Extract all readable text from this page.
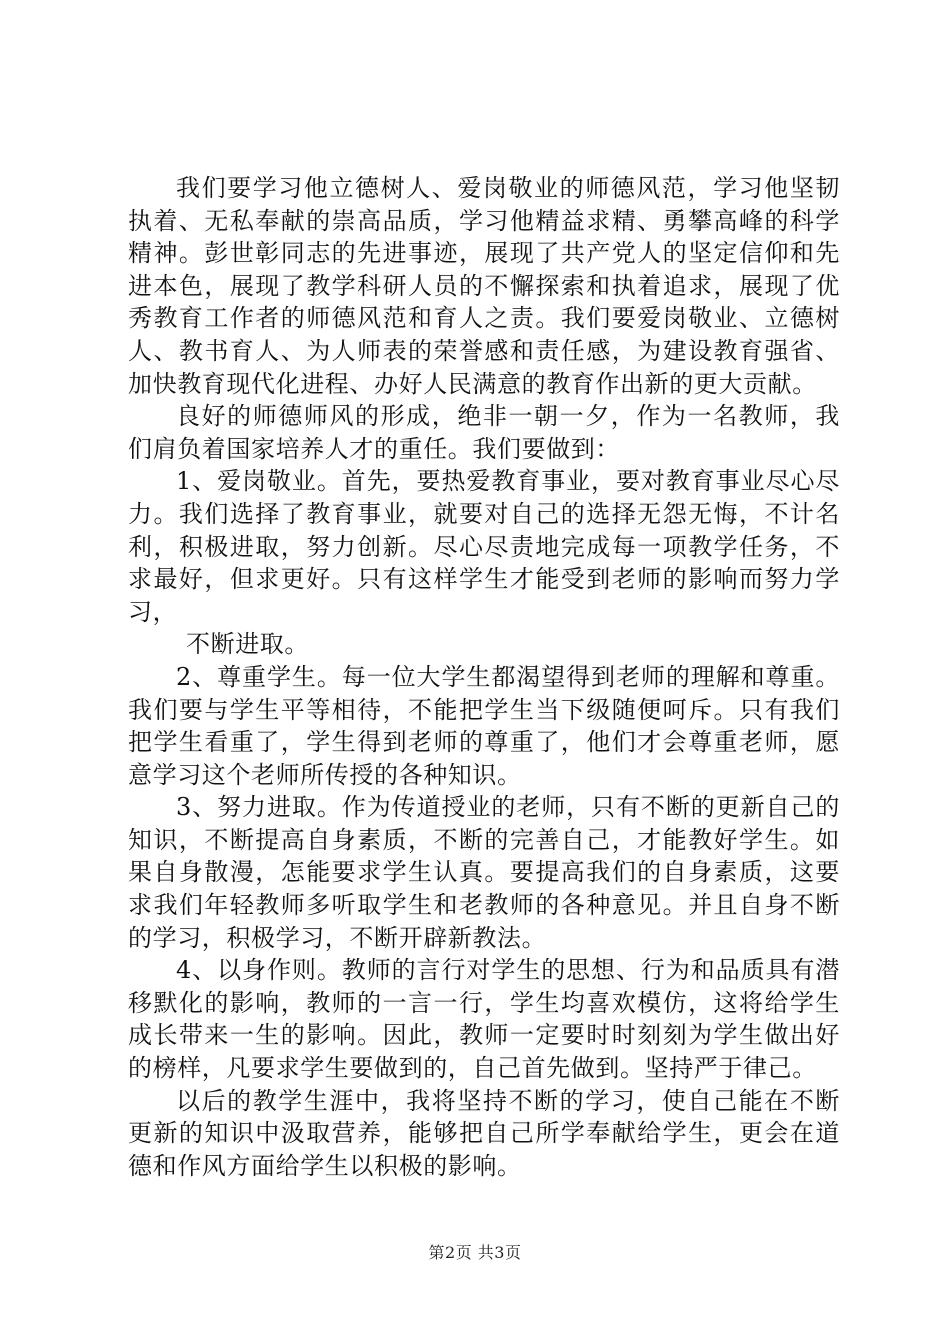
我们要学习他立德树人、爱岗敬业的师德风范，学习他坚韧执着、无私奉献的崇高品质，学习他精益求精、勇攀高峰的科学精神。彭世彰同志的先进事迹，展现了共产党人的坚定信仰和先进本色，展现了教学科研人员的不懈探索和执着追求，展现了优秀教育工作者的师德风范和育人之责。我们要爱岗敬业、立德树人、教书育人、为人师表的荣誉感和责任感，为建设教育强省、加快教育现代化进程、办好人民满意的教育作出新的更大贡献。

良好的师德师风的形成，绝非一朝一夕，作为一名教师，我们肩负着国家培养人才的重任。我们要做到：

1、爱岗敬业。首先，要热爱教育事业，要对教育事业尽心尽力。我们选择了教育事业，就要对自己的选择无怨无悔，不计名利，积极进取，努力创新。尽心尽责地完成每一项教学任务，不求最好，但求更好。只有这样学生才能受到老师的影响而努力学习，

不断进取。

2、尊重学生。每一位大学生都渴望得到老师的理解和尊重。我们要与学生平等相待，不能把学生当下级随便呵斥。只有我们把学生看重了，学生得到老师的尊重了，他们才会尊重老师，愿意学习这个老师所传授的各种知识。

3、努力进取。作为传道授业的老师，只有不断的更新自己的知识，不断提高自身素质，不断的完善自己，才能教好学生。如果自身散漫，怎能要求学生认真。要提高我们的自身素质，这要求我们年轻教师多听取学生和老教师的各种意见。并且自身不断的学习，积极学习，不断开辟新教法。

4、以身作则。教师的言行对学生的思想、行为和品质具有潜移默化的影响，教师的一言一行，学生均喜欢模仿，这将给学生成长带来一生的影响。因此，教师一定要时时刻刻为学生做出好的榜样，凡要求学生要做到的，自己首先做到。坚持严于律己。

以后的教学生涯中，我将坚持不断的学习，使自己能在不断更新的知识中汲取营养，能够把自己所学奉献给学生，更会在道德和作风方面给学生以积极的影响。

第2页 共3页
